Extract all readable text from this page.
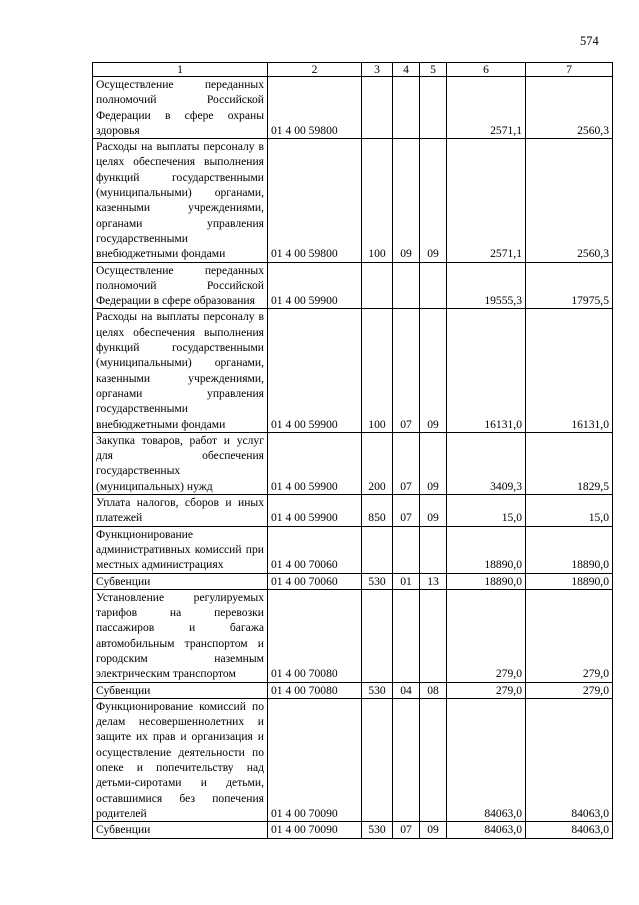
574
1	2	3	4	5	6	7
Осуществление переданных полномочий Российской Федерации в сфере охраны здоровья	01 4 00 59800				2571,1	2560,3
Расходы на выплаты персоналу в целях обеспечения выполнения функций государственными (муниципальными) органами, казенными учреждениями, органами управления государственными внебюджетными фондами	01 4 00 59800	100	09	09	2571,1	2560,3
Осуществление переданных полномочий Российской Федерации в сфере образования	01 4 00 59900				19555,3	17975,5
Расходы на выплаты персоналу в целях обеспечения выполнения функций государственными (муниципальными) органами, казенными учреждениями, органами управления государственными внебюджетными фондами	01 4 00 59900	100	07	09	16131,0	16131,0
Закупка товаров, работ и услуг для обеспечения государственных (муниципальных) нужд	01 4 00 59900	200	07	09	3409,3	1829,5
Уплата налогов, сборов и иных платежей	01 4 00 59900	850	07	09	15,0	15,0
Функционирование административных комиссий при местных администрациях	01 4 00 70060				18890,0	18890,0
Субвенции	01 4 00 70060	530	01	13	18890,0	18890,0
Установление регулируемых тарифов на перевозки пассажиров и багажа автомобильным транспортом и городским наземным электрическим транспортом	01 4 00 70080				279,0	279,0
Субвенции	01 4 00 70080	530	04	08	279,0	279,0
Функционирование комиссий по делам несовершеннолетних и защите их прав и организация и осуществление деятельности по опеке и попечительству над детьми-сиротами и детьми, оставшимися без попечения родителей	01 4 00 70090				84063,0	84063,0
Субвенции	01 4 00 70090	530	07	09	84063,0	84063,0
